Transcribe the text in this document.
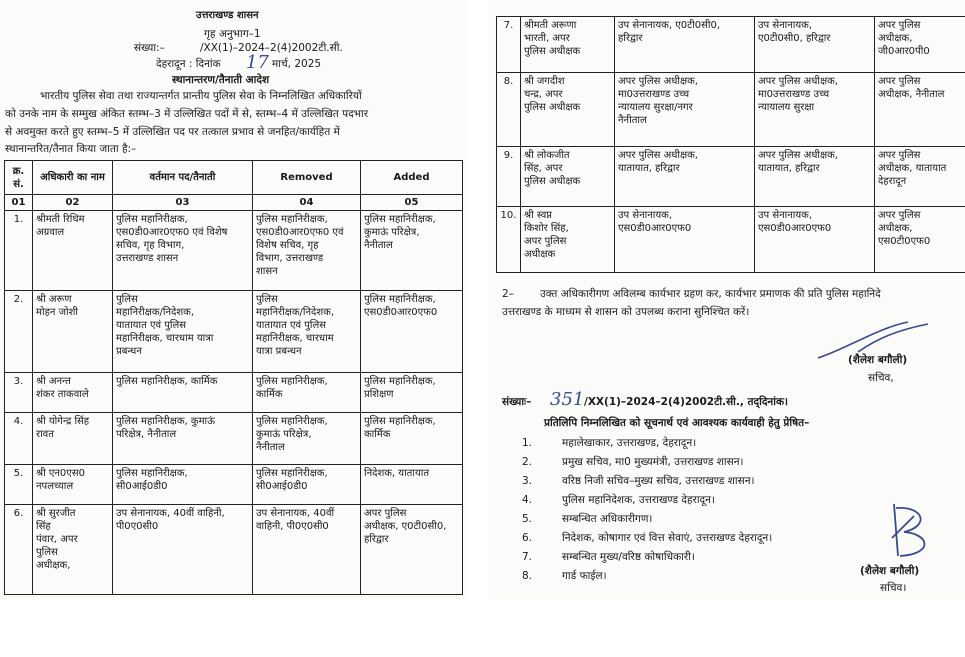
उत्तराखण्ड शासन
गृह अनुभाग–1
संख्या:–	/XX(1)–2024–2(4)2002टी.सी.
देहरादून : दिनांक 17 मार्च, 2025
स्थानान्तरण/तैनाती आदेश
भारतीय पुलिस सेवा तथा राज्यान्तर्गत प्रान्तीय पुलिस सेवा के निम्नलिखित अधिकारियों
को उनके नाम के सम्मुख अंकित स्तम्भ–3 में उल्लिखित पदों में से, स्तम्भ–4 में उल्लिखित पदभार
से अवमुक्त करते हुए स्तम्भ–5 में उल्लिखित पद पर तत्काल प्रभाव से जनहित/कार्यहित में
स्थानान्तरित/तैनात किया जाता है:–
क्र. सं.	अधिकारी का नाम	वर्तमान पद/तैनाती	Removed	Added
01	02	03	04	05
1.	श्रीमती रिधिम
अग्रवाल	पुलिस महानिरीक्षक,
एस0डी0आर0एफ0 एवं विशेष
सचिव, गृह विभाग,
उत्तराखण्ड शासन	पुलिस महानिरीक्षक,
एस0डी0आर0एफ0 एवं
विशेष सचिव, गृह
विभाग, उत्तराखण्ड
शासन	पुलिस महानिरीक्षक,
कुमाऊं परिक्षेत्र,
नैनीताल
2.	श्री अरूण
मोहन जोशी	पुलिस
महानिरीक्षक/निदेशक,
यातायात एवं पुलिस
महानिरीक्षक, चारधाम यात्रा
प्रबन्धन	पुलिस
महानिरीक्षक/निदेशक,
यातायात एवं पुलिस
महानिरीक्षक, चारधाम
यात्रा प्रबन्धन	पुलिस महानिरीक्षक,
एस0डी0आर0एफ0
3.	श्री अनन्त
शंकर ताकवाले	पुलिस महानिरीक्षक, कार्मिक	पुलिस महानिरीक्षक,
कार्मिक	पुलिस महानिरीक्षक,
प्रशिक्षण
4.	श्री योगेन्द्र सिंह
रावत	पुलिस महानिरीक्षक, कुमाऊं
परिक्षेत्र, नैनीताल	पुलिस महानिरीक्षक,
कुमाऊं परिक्षेत्र,
नैनीताल	पुलिस महानिरीक्षक,
कार्मिक
5.	श्री एन0एस0
नपलच्याल	पुलिस महानिरीक्षक,
सी0आई0डी0	पुलिस महानिरीक्षक,
सी0आई0डी0	निदेशक, यातायात
6.	श्री सुरजीत
सिंह
पंवार, अपर
पुलिस
अधीक्षक,	उप सेनानायक, 40वीं वाहिनी,
पी0ए0सी0	उप सेनानायक, 40वीं
वाहिनी, पी0ए0सी0	अपर पुलिस
अधीक्षक, ए0टी0सी0,
हरिद्वार
7.	श्रीमती अरूणा
भारती, अपर
पुलिस अधीक्षक	उप सेनानायक, ए0टी0सी0,
हरिद्वार	उप सेनानायक,
ए0टी0सी0, हरिद्वार	अपर पुलिस
अधीक्षक,
जी0आर0पी0
8.	श्री जगदीश
चन्द्र, अपर
पुलिस अधीक्षक	अपर पुलिस अधीक्षक,
मा0उत्तराखण्ड उच्च
न्यायालय सुरक्षा/नगर
नैनीताल	अपर पुलिस अधीक्षक,
मा0उत्तराखण्ड उच्च
न्यायालय सुरक्षा	अपर पुलिस
अधीक्षक, नैनीताल
9.	श्री लोकजीत
सिंह, अपर
पुलिस अधीक्षक	अपर पुलिस अधीक्षक,
यातायात, हरिद्वार	अपर पुलिस अधीक्षक,
यातायात, हरिद्वार	अपर पुलिस
अधीक्षक, यातायात
देहरादून
10.	श्री स्वप्न
किशोर सिंह,
अपर पुलिस
अधीक्षक	उप सेनानायक,
एस0डी0आर0एफ0	उप सेनानायक,
एस0डी0आर0एफ0	अपर पुलिस
अधीक्षक,
एस0टी0एफ0
2– उक्त अधिकारीगण अविलम्ब कार्यभार ग्रहण कर, कार्यभार प्रमाणक की प्रति पुलिस महानिदे
उत्तराखण्ड के माध्यम से शासन को उपलब्ध कराना सुनिश्चित करें।
(शैलेश बगौली)
सचिव,
संख्याः– 351 /XX(1)–2024–2(4)2002टी.सी., तद्‌दिनांक।
प्रतिलिपि निम्नलिखित को सूचनार्थ एवं आवश्यक कार्यवाही हेतु प्रेषित–
1.	महालेखाकार, उत्तराखण्ड, देहरादून।
2.	प्रमुख सचिव, मा0 मुख्यमंत्री, उत्तराखण्ड शासन।
3.	वरिष्ठ निजी सचिव–मुख्य सचिव, उत्तराखण्ड शासन।
4.	पुलिस महानिदेशक, उत्तराखण्ड देहरादून।
5.	सम्बन्धित अधिकारीगण।
6.	निदेशक, कोषागार एवं वित्त सेवाएं, उत्तराखण्ड देहरादून।
7.	सम्बन्धित मुख्य/वरिष्ठ कोषाधिकारी।
8.	गार्ड फाईल।	(शैलेश बगौली)
सचिव।
